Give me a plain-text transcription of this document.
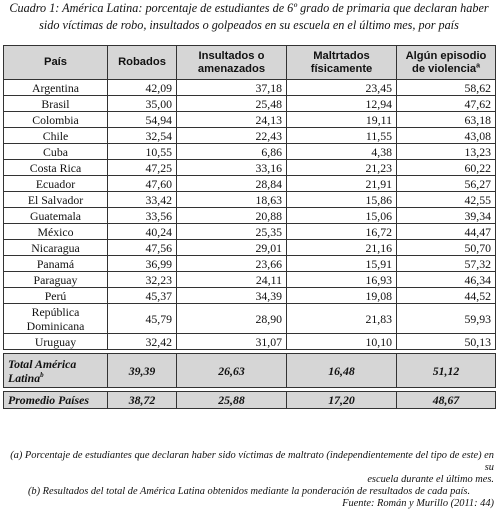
Cuadro 1: América Latina: porcentaje de estudiantes de 6º grado de primaria que declaran haber
sido víctimas de robo, insultados o golpeados en su escuela en el último mes, por país
País	Robados	Insultados o amenazados	Maltrtados físicamente	Algún episodio de violencia$^a$
Argentina	42,09	37,18	23,45	58,62
Brasil	35,00	25,48	12,94	47,62
Colombia	54,94	24,13	19,11	63,18
Chile	32,54	22,43	11,55	43,08
Cuba	10,55	6,86	4,38	13,23
Costa Rica	47,25	33,16	21,23	60,22
Ecuador	47,60	28,84	21,91	56,27
El Salvador	33,42	18,63	15,86	42,55
Guatemala	33,56	20,88	15,06	39,34
México	40,24	25,35	16,72	44,47
Nicaragua	47,56	29,01	21,16	50,70
Panamá	36,99	23,66	15,91	57,32
Paraguay	32,23	24,11	16,93	46,34
Perú	45,37	34,39	19,08	44,52

República
Dominicana	45,79	28,90	21,83	59,93
Uruguay	32,42	31,07	10,10	50,13

Total América
Latina$^b$	39,39	26,63	16,48	51,12

Promedio Países	38,72	25,88	17,20	48,67
(a) Porcentaje de estudiantes que declaran haber sido víctimas de maltrato (independientemente del tipo de este) en su
escuela durante el último mes.
(b) Resultados del total de América Latina obtenidos mediante la ponderación de resultados de cada país.
Fuente: Román y Murillo (2011: 44)
